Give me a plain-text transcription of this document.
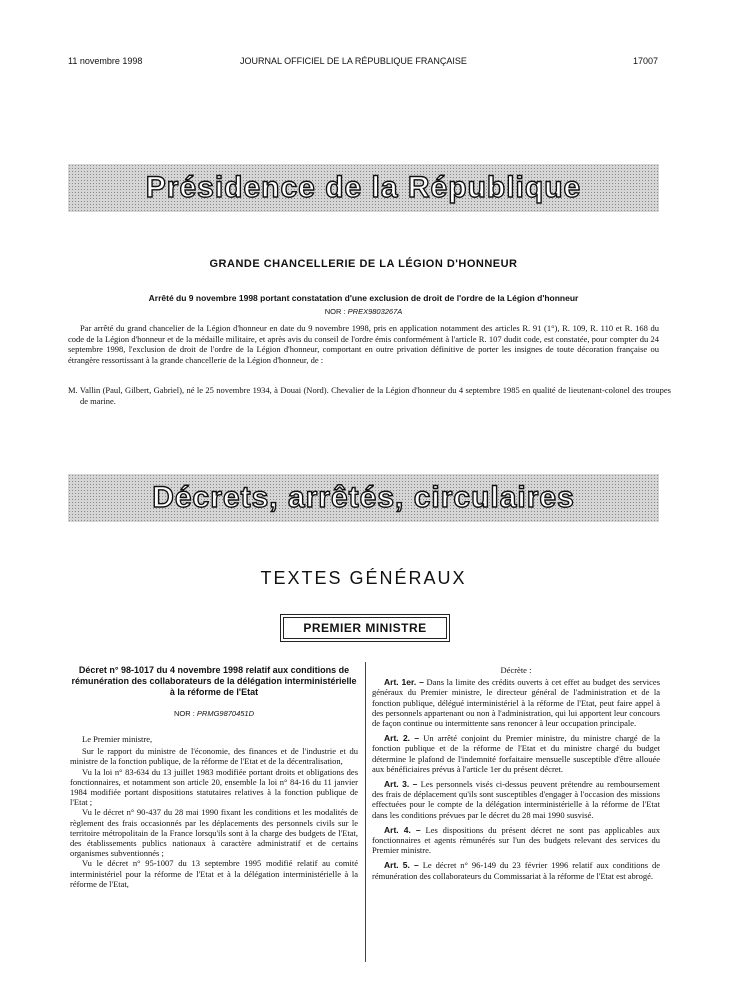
11 novembre 1998	JOURNAL OFFICIEL DE LA RÉPUBLIQUE FRANÇAISE	17007
Présidence de la République
GRANDE CHANCELLERIE DE LA LÉGION D'HONNEUR
Arrêté du 9 novembre 1998 portant constatation d'une exclusion de droit de l'ordre de la Légion d'honneur
NOR : PREX9803267A
Par arrêté du grand chancelier de la Légion d'honneur en date du 9 novembre 1998, pris en application notamment des articles R. 91 (1°), R. 109, R. 110 et R. 168 du code de la Légion d'honneur et de la médaille militaire, et après avis du conseil de l'ordre émis conformément à l'article R. 107 dudit code, est constatée, pour compter du 24 septembre 1998, l'exclusion de droit de l'ordre de la Légion d'honneur, comportant en outre privation définitive de porter les insignes de toute décoration française ou étrangère ressortissant à la grande chancellerie de la Légion d'honneur, de :
M. Vallin (Paul, Gilbert, Gabriel), né le 25 novembre 1934, à Douai (Nord). Chevalier de la Légion d'honneur du 4 septembre 1985 en qualité de lieutenant-colonel des troupes de marine.
Décrets, arrêtés, circulaires
TEXTES GÉNÉRAUX
PREMIER MINISTRE
Décret n° 98-1017 du 4 novembre 1998 relatif aux conditions de rémunération des collaborateurs de la délégation interministérielle à la réforme de l'Etat
NOR : PRMG9870451D

Le Premier ministre,

Sur le rapport du ministre de l'économie, des finances et de l'industrie et du ministre de la fonction publique, de la réforme de l'Etat et de la décentralisation,

Vu la loi n° 83-634 du 13 juillet 1983 modifiée portant droits et obligations des fonctionnaires, et notamment son article 20, ensemble la loi n° 84-16 du 11 janvier 1984 modifiée portant dispositions statutaires relatives à la fonction publique de l'Etat ;

Vu le décret n° 90-437 du 28 mai 1990 fixant les conditions et les modalités de règlement des frais occasionnés par les déplacements des personnels civils sur le territoire métropolitain de la France lorsqu'ils sont à la charge des budgets de l'Etat, des établissements publics nationaux à caractère administratif et de certains organismes subventionnés ;

Vu le décret n° 95-1007 du 13 septembre 1995 modifié relatif au comité interministériel pour la réforme de l'Etat et à la délégation interministérielle à la réforme de l'Etat,

Décrète :

Art. 1er. – Dans la limite des crédits ouverts à cet effet au budget des services généraux du Premier ministre, le directeur général de l'administration et de la fonction publique, délégué interministériel à la réforme de l'Etat, peut faire appel à des personnels appartenant ou non à l'administration, qui lui apportent leur concours de façon continue ou intermittente sans renoncer à leur occupation principale.

Art. 2. – Un arrêté conjoint du Premier ministre, du ministre chargé de la fonction publique et de la réforme de l'Etat et du ministre chargé du budget détermine le plafond de l'indemnité forfaitaire mensuelle susceptible d'être allouée aux bénéficiaires prévus à l'article 1er du présent décret.

Art. 3. – Les personnels visés ci-dessus peuvent prétendre au remboursement des frais de déplacement qu'ils sont susceptibles d'engager à l'occasion des missions effectuées pour le compte de la délégation interministérielle à la réforme de l'Etat dans les conditions prévues par le décret du 28 mai 1990 susvisé.

Art. 4. – Les dispositions du présent décret ne sont pas applicables aux fonctionnaires et agents rémunérés sur l'un des budgets relevant des services du Premier ministre.

Art. 5. – Le décret n° 96-149 du 23 février 1996 relatif aux conditions de rémunération des collaborateurs du Commissariat à la réforme de l'Etat est abrogé.
